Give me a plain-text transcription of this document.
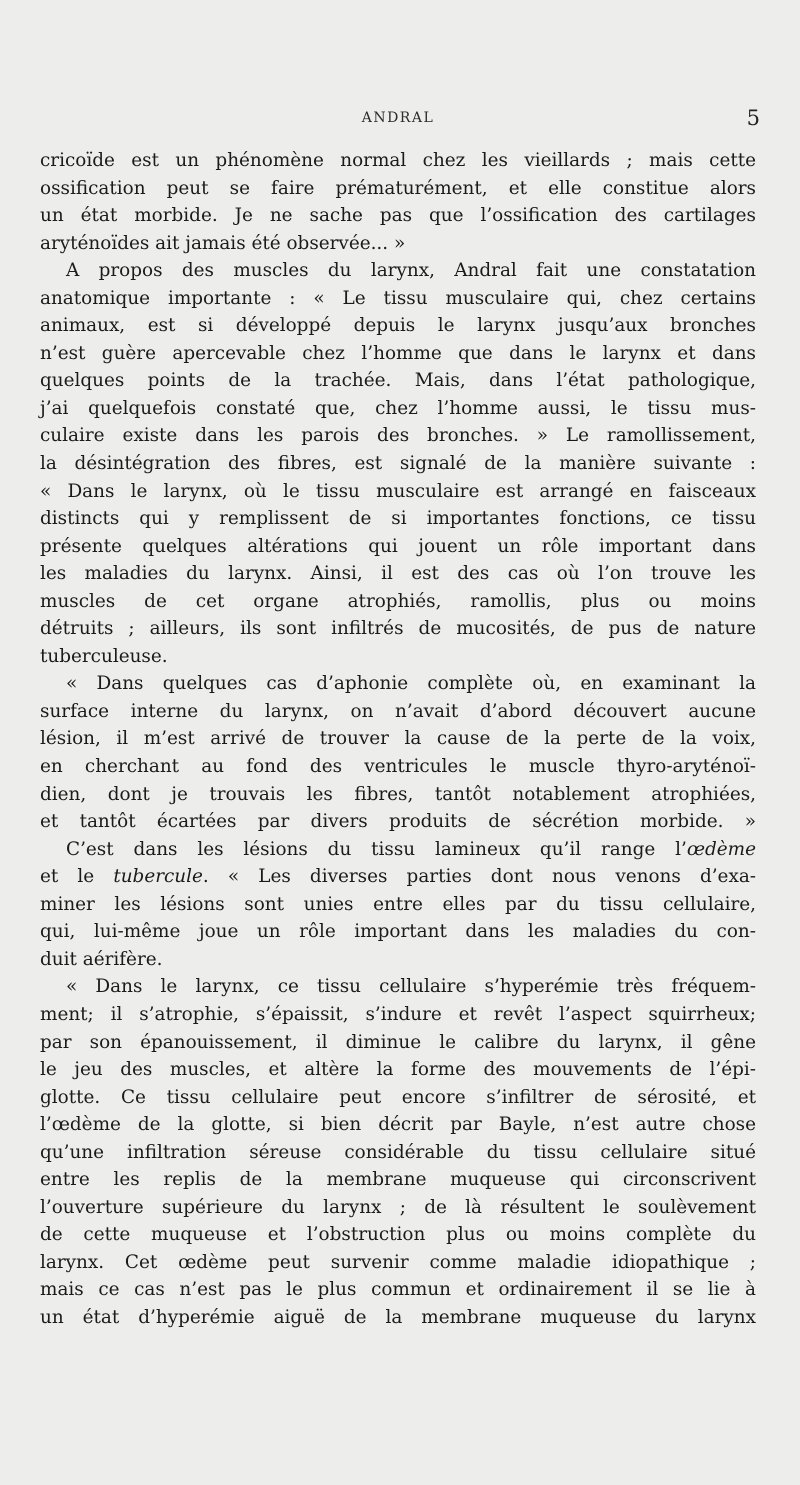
ANDRAL	5
cricoïde est un phénomène normal chez les vieillards ; mais cette
ossification peut se faire prématurément, et elle constitue alors
un état morbide. Je ne sache pas que l’ossification des cartilages
aryténoïdes ait jamais été observée... »
A propos des muscles du larynx, Andral fait une constatation
anatomique importante : « Le tissu musculaire qui, chez certains
animaux, est si développé depuis le larynx jusqu’aux bronches
n’est guère apercevable chez l’homme que dans le larynx et dans
quelques points de la trachée. Mais, dans l’état pathologique,
j’ai quelquefois constaté que, chez l’homme aussi, le tissu mus-
culaire existe dans les parois des bronches. » Le ramollissement,
la désintégration des fibres, est signalé de la manière suivante :
« Dans le larynx, où le tissu musculaire est arrangé en faisceaux
distincts qui y remplissent de si importantes fonctions, ce tissu
présente quelques altérations qui jouent un rôle important dans
les maladies du larynx. Ainsi, il est des cas où l’on trouve les
muscles de cet organe atrophiés, ramollis, plus ou moins
détruits ; ailleurs, ils sont infiltrés de mucosités, de pus de nature
tuberculeuse.
« Dans quelques cas d’aphonie complète où, en examinant la
surface interne du larynx, on n’avait d’abord découvert aucune
lésion, il m’est arrivé de trouver la cause de la perte de la voix,
en cherchant au fond des ventricules le muscle thyro-aryténoï-
dien, dont je trouvais les fibres, tantôt notablement atrophiées,
et tantôt écartées par divers produits de sécrétion morbide. »
C’est dans les lésions du tissu lamineux qu’il range l’œdème
et le tubercule. « Les diverses parties dont nous venons d’exa-
miner les lésions sont unies entre elles par du tissu cellulaire,
qui, lui-même joue un rôle important dans les maladies du con-
duit aérifère.
« Dans le larynx, ce tissu cellulaire s’hyperémie très fréquem-
ment; il s’atrophie, s’épaissit, s’indure et revêt l’aspect squirrheux;
par son épanouissement, il diminue le calibre du larynx, il gêne
le jeu des muscles, et altère la forme des mouvements de l’épi-
glotte. Ce tissu cellulaire peut encore s’infiltrer de sérosité, et
l’œdème de la glotte, si bien décrit par Bayle, n’est autre chose
qu’une infiltration séreuse considérable du tissu cellulaire situé
entre les replis de la membrane muqueuse qui circonscrivent
l’ouverture supérieure du larynx ; de là résultent le soulèvement
de cette muqueuse et l’obstruction plus ou moins complète du
larynx. Cet œdème peut survenir comme maladie idiopathique ;
mais ce cas n’est pas le plus commun et ordinairement il se lie à
un état d’hyperémie aiguë de la membrane muqueuse du larynx
